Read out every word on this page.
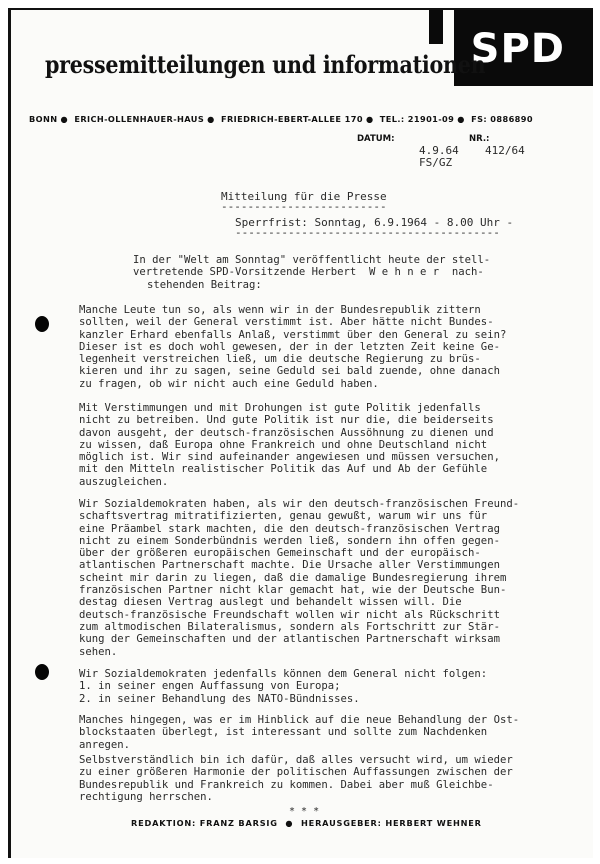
SPD
pressemitteilungen und informationen
BONN ● ERICH-OLLENHAUER-HAUS ● FRIEDRICH-EBERT-ALLEE 170 ● TEL.: 21901-09 ● FS: 0886890
DATUM:	NR.:
4.9.64 412/64
FS/GZ
Mitteilung für die Presse
-------------------------
Sperrfrist: Sonntag, 6.9.1964 - 8.00 Uhr -
----------------------------------------
In der "Welt am Sonntag" veröffentlicht heute der stell-
vertretende SPD-Vorsitzende Herbert  W e h n e r  nach-
stehenden Beitrag:
Manche Leute tun so, als wenn wir in der Bundesrepublik zittern
sollten, weil der General verstimmt ist. Aber hätte nicht Bundes-
kanzler Erhard ebenfalls Anlaß, verstimmt über den General zu sein?
Dieser ist es doch wohl gewesen, der in der letzten Zeit keine Ge-
legenheit verstreichen ließ, um die deutsche Regierung zu brüs-
kieren und ihr zu sagen, seine Geduld sei bald zuende, ohne danach
zu fragen, ob wir nicht auch eine Geduld haben.
Mit Verstimmungen und mit Drohungen ist gute Politik jedenfalls
nicht zu betreiben. Und gute Politik ist nur die, die beiderseits
davon ausgeht, der deutsch-französischen Aussöhnung zu dienen und
zu wissen, daß Europa ohne Frankreich und ohne Deutschland nicht
möglich ist. Wir sind aufeinander angewiesen und müssen versuchen,
mit den Mitteln realistischer Politik das Auf und Ab der Gefühle
auszugleichen.
Wir Sozialdemokraten haben, als wir den deutsch-französischen Freund-
schaftsvertrag mitratifizierten, genau gewußt, warum wir uns für
eine Präambel stark machten, die den deutsch-französischen Vertrag
nicht zu einem Sonderbündnis werden ließ, sondern ihn offen gegen-
über der größeren europäischen Gemeinschaft und der europäisch-
atlantischen Partnerschaft machte. Die Ursache aller Verstimmungen
scheint mir darin zu liegen, daß die damalige Bundesregierung ihrem
französischen Partner nicht klar gemacht hat, wie der Deutsche Bun-
destag diesen Vertrag auslegt und behandelt wissen will. Die
deutsch-französische Freundschaft wollen wir nicht als Rückschritt
zum altmodischen Bilateralismus, sondern als Fortschritt zur Stär-
kung der Gemeinschaften und der atlantischen Partnerschaft wirksam
sehen.
Wir Sozialdemokraten jedenfalls können dem General nicht folgen:
1. in seiner engen Auffassung von Europa;
2. in seiner Behandlung des NATO-Bündnisses.
Manches hingegen, was er im Hinblick auf die neue Behandlung der Ost-
blockstaaten überlegt, ist interessant und sollte zum Nachdenken
anregen.
Selbstverständlich bin ich dafür, daß alles versucht wird, um wieder
zu einer größeren Harmonie der politischen Auffassungen zwischen der
Bundesrepublik und Frankreich zu kommen. Dabei aber muß Gleichbe-
rechtigung herrschen.
* * *
REDAKTION: FRANZ BARSIG ● HERAUSGEBER: HERBERT WEHNER
